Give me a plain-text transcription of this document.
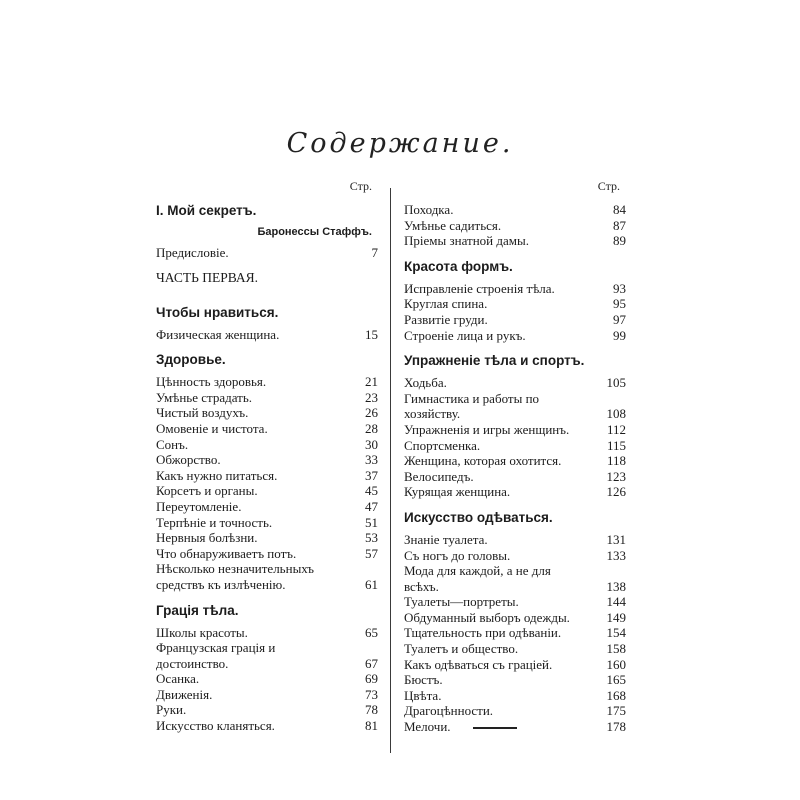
Содержание.
Стр.
I. Мой секретъ.
Баронессы Стаффъ.
Предисловіе.	7
ЧАСТЬ ПЕРВАЯ.
Чтобы нравиться.
Физическая женщина.	15
Здоровье.
Цѣнность здоровья.	21
Умѣнье страдать.	23
Чистый воздухъ.	26
Омовеніе и чистота.	28
Сонъ.	30
Обжорство.	33
Какъ нужно питаться.	37
Корсетъ и органы.	45
Переутомленіе.	47
Терпѣніе и точность.	51
Нервныя болѣзни.	53
Что обнаруживаетъ потъ.	57
Нѣсколько незначительныхъ средствъ къ излѣченію.	61
Грація тѣла.
Школы красоты.	65
Французская грація и достоинство.	67
Осанка.	69
Движенія.	73
Руки.	78
Искусство кланяться.	81
Стр.
Походка.	84
Умѣнье садиться.	87
Пріемы знатной дамы.	89
Красота формъ.
Исправленіе строенія тѣла.	93
Круглая спина.	95
Развитіе груди.	97
Строеніе лица и рукъ.	99
Упражненіе тѣла и спортъ.
Ходьба.	105
Гимнастика и работы по хозяйству.	108
Упражненія и игры женщинъ.	112
Спортсменка.	115
Женщина, которая охотится.	118
Велосипедъ.	123
Курящая женщина.	126
Искусство одѣваться.
Знаніе туалета.	131
Съ ногъ до головы.	133
Мода для каждой, а не для всѣхъ.	138
Туалеты—портреты.	144
Обдуманный выборъ одежды.	149
Тщательность при одѣваніи.	154
Туалетъ и общество.	158
Какъ одѣваться съ граціей.	160
Бюстъ.	165
Цвѣта.	168
Драгоцѣнности.	175
Мелочи.	178
